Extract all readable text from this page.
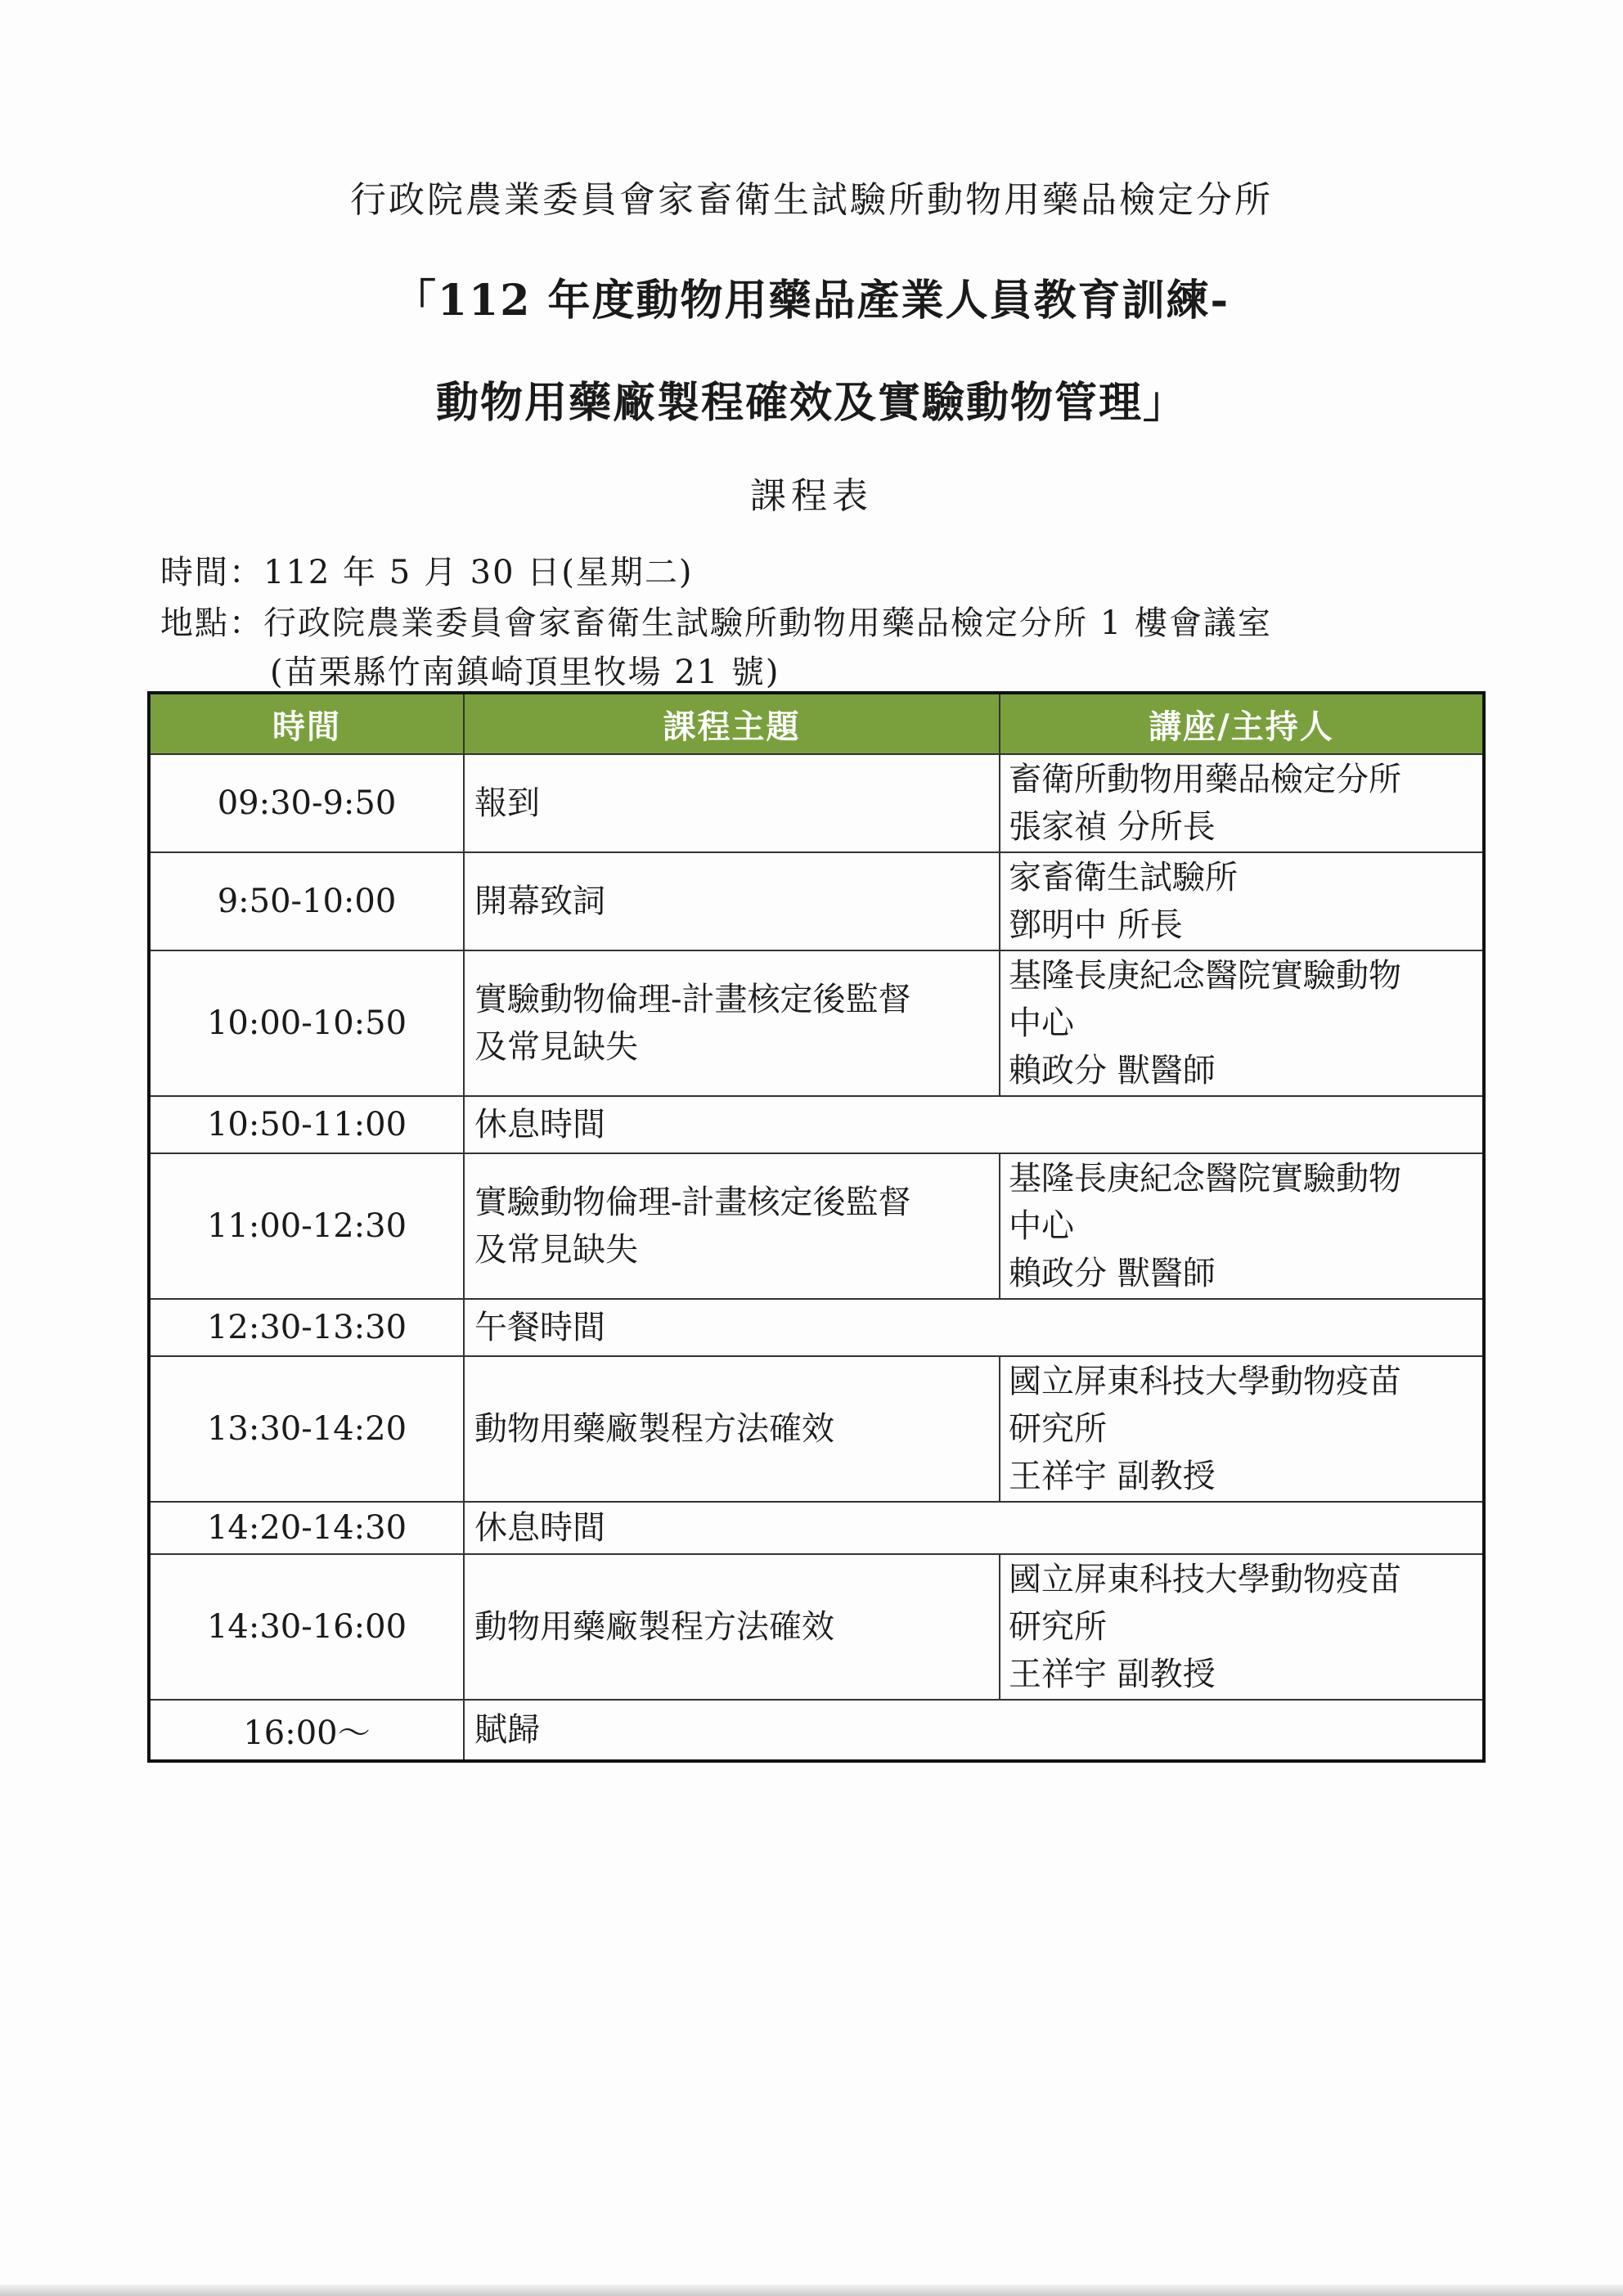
行政院農業委員會家畜衛生試驗所動物用藥品檢定分所
「112 年度動物用藥品產業人員教育訓練-
動物用藥廠製程確效及實驗動物管理」
課程表
時間：112 年 5 月 30 日(星期二)
地點：行政院農業委員會家畜衛生試驗所動物用藥品檢定分所 1 樓會議室
(苗栗縣竹南鎮崎頂里牧場 21 號)
時間	課程主題	講座/主持人
09:30-9:50	報到	畜衛所動物用藥品檢定分所
張家禎 分所長

9:50-10:00	開幕致詞	家畜衛生試驗所
鄧明中 所長

10:00-10:50	實驗動物倫理-計畫核定後監督
及常見缺失	基隆長庚紀念醫院實驗動物
中心
賴政分 獸醫師

10:50-11:00	休息時間	

11:00-12:30	實驗動物倫理-計畫核定後監督
及常見缺失	基隆長庚紀念醫院實驗動物
中心
賴政分 獸醫師

12:30-13:30	午餐時間	

13:30-14:20	動物用藥廠製程方法確效	國立屏東科技大學動物疫苗
研究所
王祥宇 副教授

14:20-14:30	休息時間	

14:30-16:00	動物用藥廠製程方法確效	國立屏東科技大學動物疫苗
研究所
王祥宇 副教授

16:00～	賦歸	
